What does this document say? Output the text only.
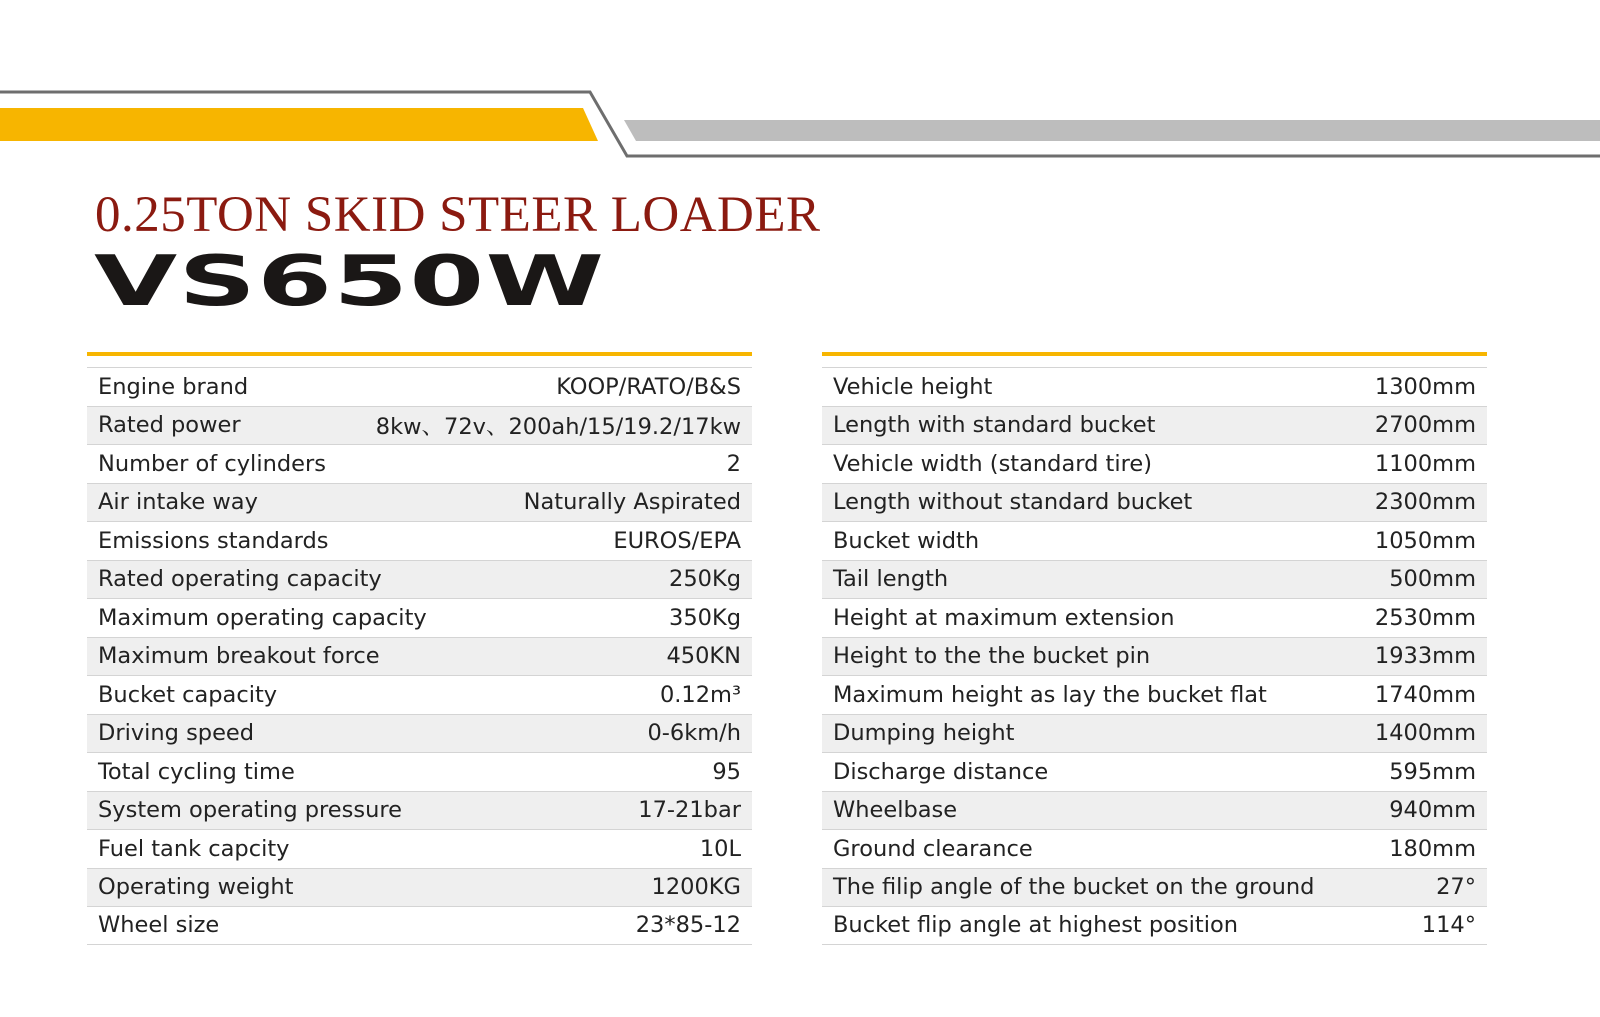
0.25TON SKID STEER LOADER
VS650W
Engine brand	KOOP/RATO/B&S
Rated power	8kw、72v、200ah/15/19.2/17kw
Number of cylinders	2
Air intake way	Naturally Aspirated
Emissions standards	EUROS/EPA
Rated operating capacity	250Kg
Maximum operating capacity	350Kg
Maximum breakout force	450KN
Bucket capacity	0.12m³
Driving speed	0-6km/h
Total cycling time	95
System operating pressure	17-21bar
Fuel tank capcity	10L
Operating weight	1200KG
Wheel size	23*85-12
Vehicle height	1300mm
Length with standard bucket	2700mm
Vehicle width (standard tire)	1100mm
Length without standard bucket	2300mm
Bucket width	1050mm
Tail length	500mm
Height at maximum extension	2530mm
Height to the the bucket pin	1933mm
Maximum height as lay the bucket flat	1740mm
Dumping height	1400mm
Discharge distance	595mm
Wheelbase	940mm
Ground clearance	180mm
The filip angle of the bucket on the ground	27°
Bucket flip angle at highest position	114°
